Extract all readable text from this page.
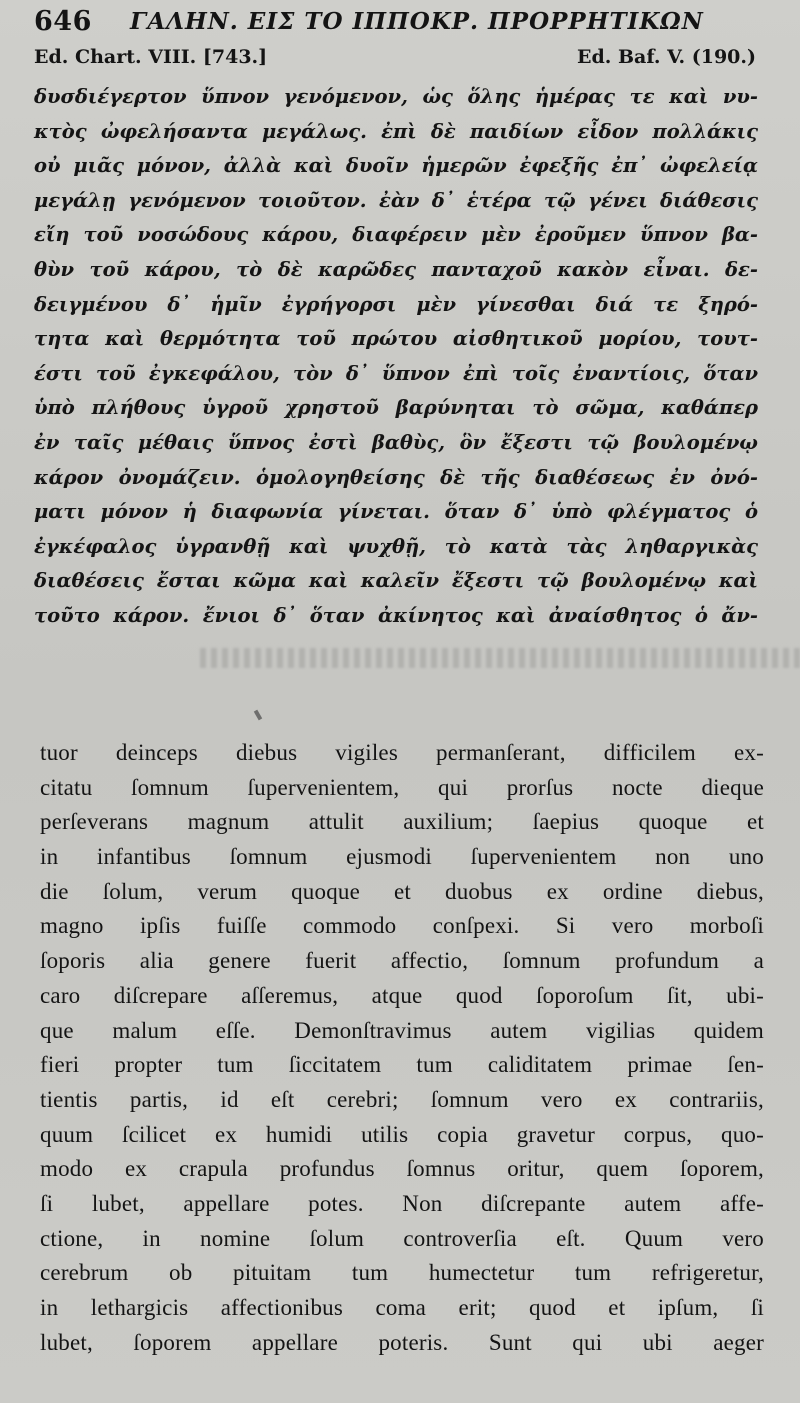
646 ΓΑΛΗΝ. ΕΙΣ ΤΟ ΙΠΠΟΚΡ. ΠΡΟΡΡΗΤΙΚΩΝ
Ed. Chart. VIII. [743.]	Ed. Baf. V. (190.)
δυσδιέγερτον ὕπνον γενόμενον, ὡς ὅλης ἡμέρας τε καὶ νυ-
κτὸς ὠφελήσαντα μεγάλως. ἐπὶ δὲ παιδίων εἶδον πολλάκις
οὐ μιᾶς μόνον, ἀλλὰ καὶ δυοῖν ἡμερῶν ἐφεξῆς ἐπ᾽ ὠφελείᾳ
μεγάλῃ γενόμενον τοιοῦτον. ἐὰν δ᾽ ἑτέρα τῷ γένει διάθεσις
εἴη τοῦ νοσώδους κάρου, διαφέρειν μὲν ἐροῦμεν ὕπνον βα-
θὺν τοῦ κάρου, τὸ δὲ καρῶδες πανταχοῦ κακὸν εἶναι. δε-
δειγμένου δ᾽ ἡμῖν ἐγρήγορσι μὲν γίνεσθαι διά τε ξηρό-
τητα καὶ θερμότητα τοῦ πρώτου αἰσθητικοῦ μορίου, τουτ-
έστι τοῦ ἐγκεφάλου, τὸν δ᾽ ὕπνον ἐπὶ τοῖς ἐναντίοις, ὅταν
ὑπὸ πλήθους ὑγροῦ χρηστοῦ βαρύνηται τὸ σῶμα, καθάπερ
ἐν ταῖς μέθαις ὕπνος ἐστὶ βαθὺς, ὃν ἔξεστι τῷ βουλομένῳ
κάρον ὀνομάζειν. ὁμολογηθείσης δὲ τῆς διαθέσεως ἐν ὀνό-
ματι μόνον ἡ διαφωνία γίνεται. ὅταν δ᾽ ὑπὸ φλέγματος ὁ
ἐγκέφαλος ὑγρανθῇ καὶ ψυχθῇ, τὸ κατὰ τὰς ληθαργικὰς
διαθέσεις ἔσται κῶμα καὶ καλεῖν ἔξεστι τῷ βουλομένῳ καὶ
τοῦτο κάρον. ἔνιοι δ᾽ ὅταν ἀκίνητος καὶ ἀναίσθητος ὁ ἄν-
tuor deinceps diebus vigiles permanſerant, difficilem ex-
citatu ſomnum ſupervenientem, qui prorſus nocte dieque
perſeverans magnum attulit auxilium; ſaepius quoque et
in infantibus ſomnum ejusmodi ſupervenientem non uno
die ſolum, verum quoque et duobus ex ordine diebus,
magno ipſis fuiſſe commodo conſpexi. Si vero morboſi
ſoporis alia genere fuerit affectio, ſomnum profundum a
caro diſcrepare aſſeremus, atque quod ſoporoſum ſit, ubi-
que malum eſſe. Demonſtravimus autem vigilias quidem
fieri propter tum ſiccitatem tum caliditatem primae ſen-
tientis partis, id eſt cerebri; ſomnum vero ex contrariis,
quum ſcilicet ex humidi utilis copia gravetur corpus, quo-
modo ex crapula profundus ſomnus oritur, quem ſoporem,
ſi lubet, appellare potes. Non diſcrepante autem affe-
ctione, in nomine ſolum controverſia eſt. Quum vero
cerebrum ob pituitam tum humectetur tum refrigeretur,
in lethargicis affectionibus coma erit; quod et ipſum, ſi
lubet, ſoporem appellare poteris. Sunt qui ubi aeger
